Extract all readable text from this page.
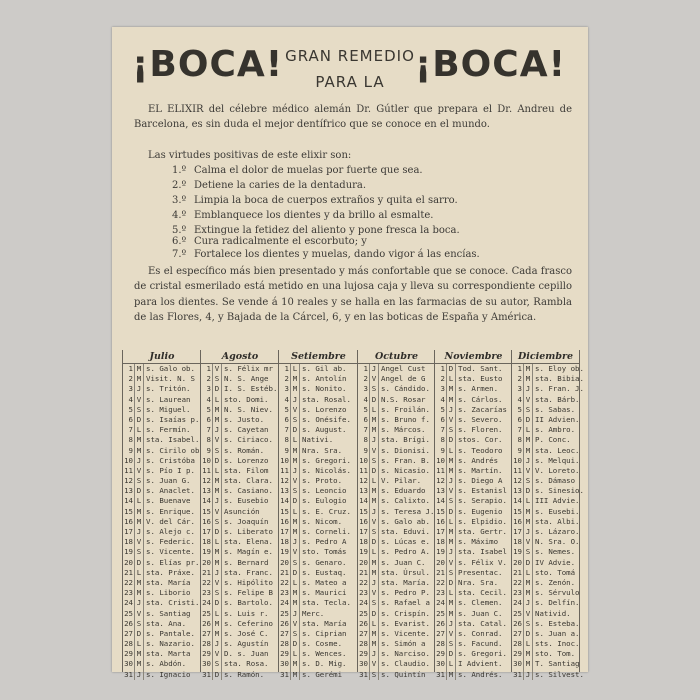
¡BOCA! GRAN REMEDIO
PARA LA ¡BOCA!
EL ELIXIR del célebre médico alemán Dr. Gútler que prepara el Dr. Andreu de Barcelona, es sin duda el mejor dentífrico que se conoce en el mundo.
Las virtudes positivas de este elixir son:
1.º Calma el dolor de muelas por fuerte que sea.
2.º Detiene la caries de la dentadura.
3.º Limpia la boca de cuerpos extraños y quita el sarro.
4.º Emblanquece los dientes y da brillo al esmalte.
5.º Extingue la fetidez del aliento y pone fresca la boca.
6.º Cura radicalmente el escorbuto; y
7.º Fortalece los dientes y muelas, dando vigor á las encías.
Es el específico más bien presentado y más confortable que se conoce. Cada frasco de cristal esmerilado está metido en una lujosa caja y lleva su correspondiente cepillo para los dientes. Se vende á 10 reales y se halla en las farmacias de su autor, Rambla de las Flores, 4, y Bajada de la Cárcel, 6, y en las boticas de España y América.
Julio
1 M s. Galo ob.
2 M Visit. N. S
3 J s. Tritón.
4 V s. Laurean
5 S s. Miguel.
6 D s. Isaías p.
7 L s. Fermín.
8 M sta. Isabel.
9 M s. Cirilo ob
10 J s. Cristóba
11 V s. Pío I p.
12 S s. Juan G.
13 D s. Anaclet.
14 L s. Buenave
15 M s. Enrique.
16 M V. del Cár.
17 J s. Alejo c.
18 V s. Federic.
19 S s. Vicente.
20 D s. Elías pr.
21 L sta. Práxe.
22 M sta. María
23 M s. Liborio
24 J sta. Cristi.
25 V s. Santiag
26 S sta. Ana.
27 D s. Pantale.
28 L s. Nazario.
29 M sta. Marta
30 M s. Abdón.
31 J s. Ignacio
Agosto
1 V s. Félix mr
2 S N. S. Ange
3 D I. S. Estéb.
4 L sto. Domi.
5 M N. S. Niev.
6 M s. Justo.
7 J s. Cayetan
8 V s. Ciriaco.
9 S s. Román.
10 D s. Lorenzo
11 L sta. Filom
12 M sta. Clara.
13 M s. Casiano.
14 J s. Eusebio
15 V Asunción
16 S s. Joaquín
17 D s. Liberato
18 L sta. Elena.
19 M s. Magín e.
20 M s. Bernard
21 J sta. Franc.
22 V s. Hipólito
23 S s. Felipe B
24 D s. Bartolo.
25 L s. Luis r.
26 M s. Ceferino
27 M s. José C.
28 J s. Agustín
29 V D. s. Juan
30 S sta. Rosa.
31 D s. Ramón.
Setiembre
1 L s. Gil ab.
2 M s. Antolín
3 M s. Nonito.
4 J sta. Rosal.
5 V s. Lorenzo
6 S s. Onésife.
7 D s. August.
8 L Nativi.
9 M Nra. Sra.
10 M s. Gregori.
11 J s. Nicolás.
12 V s. Proto.
13 S s. Leoncio
14 D s. Eulogio
15 L s. E. Cruz.
16 M s. Nicom.
17 M s. Corneli.
18 J s. Pedro A
19 V sto. Tomás
20 S s. Genaro.
21 D s. Eustaq.
22 L s. Mateo a
23 M s. Maurici
24 M sta. Tecla.
25 J Merc.
26 V sta. María
27 S s. Ciprian
28 D s. Cosme.
29 L s. Wences.
30 M s. D. Mig.
31 M s. Gerémi
Octubre
1 J Angel Cust
2 V Angel de G
3 S s. Cándido.
4 D N.S. Rosar
5 L s. Froilán.
6 M s. Bruno f.
7 M s. Márcos.
8 J sta. Brígi.
9 V s. Dionisi.
10 S s. Fran. B.
11 D s. Nicasio.
12 L V. Pilar.
13 M s. Eduardo
14 M s. Calixto.
15 J s. Teresa J.
16 V s. Galo ab.
17 S sta. Eduvi.
18 D s. Lúcas e.
19 L s. Pedro A.
20 M s. Juan C.
21 M sta. Úrsul.
22 J sta. María.
23 V s. Pedro P.
24 S s. Rafael a
25 D s. Crispín.
26 L s. Evarist.
27 M s. Vicente.
28 M s. Simón a
29 J s. Narciso.
30 V s. Claudio.
31 S s. Quintín
Noviembre
1 D Tod. Sant.
2 L sta. Eusto
3 M s. Armen.
4 M s. Cárlos.
5 J s. Zacarías
6 V s. Severo.
7 S s. Floren.
8 D stos. Cor.
9 L s. Teodoro
10 M s. Andrés
11 M s. Martín.
12 J s. Diego A
13 V s. Estanisl
14 S s. Serapio.
15 D s. Eugenio
16 L s. Elpidio.
17 M sta. Gertr.
18 M s. Máximo
19 J sta. Isabel
20 V s. Félix V.
21 S Presentac.
22 D Nra. Sra.
23 L sta. Cecil.
24 M s. Clemen.
25 M s. Juan C.
26 J sta. Catal.
27 V s. Conrad.
28 S s. Facund.
29 D s. Gregori.
30 L I Advient.
31 M s. Andrés.
Diciembre
1 M s. Eloy ob.
2 M sta. Bibia.
3 J s. Fran. J.
4 V sta. Bárb.
5 S s. Sabas.
6 D II Advien.
7 L s. Ambro.
8 M P. Conc.
9 M sta. Leoc.
10 J s. Melqui.
11 V V. Loreto.
12 S s. Dámaso
13 D s. Sinesio.
14 L III Advie.
15 M s. Eusebi.
16 M sta. Albi.
17 J s. Lázaro.
18 V N. Sra. O.
19 S s. Nemes.
20 D IV Advie.
21 L sto. Tomá
22 M s. Zenón.
23 M s. Sérvulo
24 J s. Delfín.
25 V Nativid.
26 S s. Esteba.
27 D s. Juan a.
28 L sts. Inoc.
29 M sto. Tom.
30 M T. Santiag
31 J s. Silvest.
